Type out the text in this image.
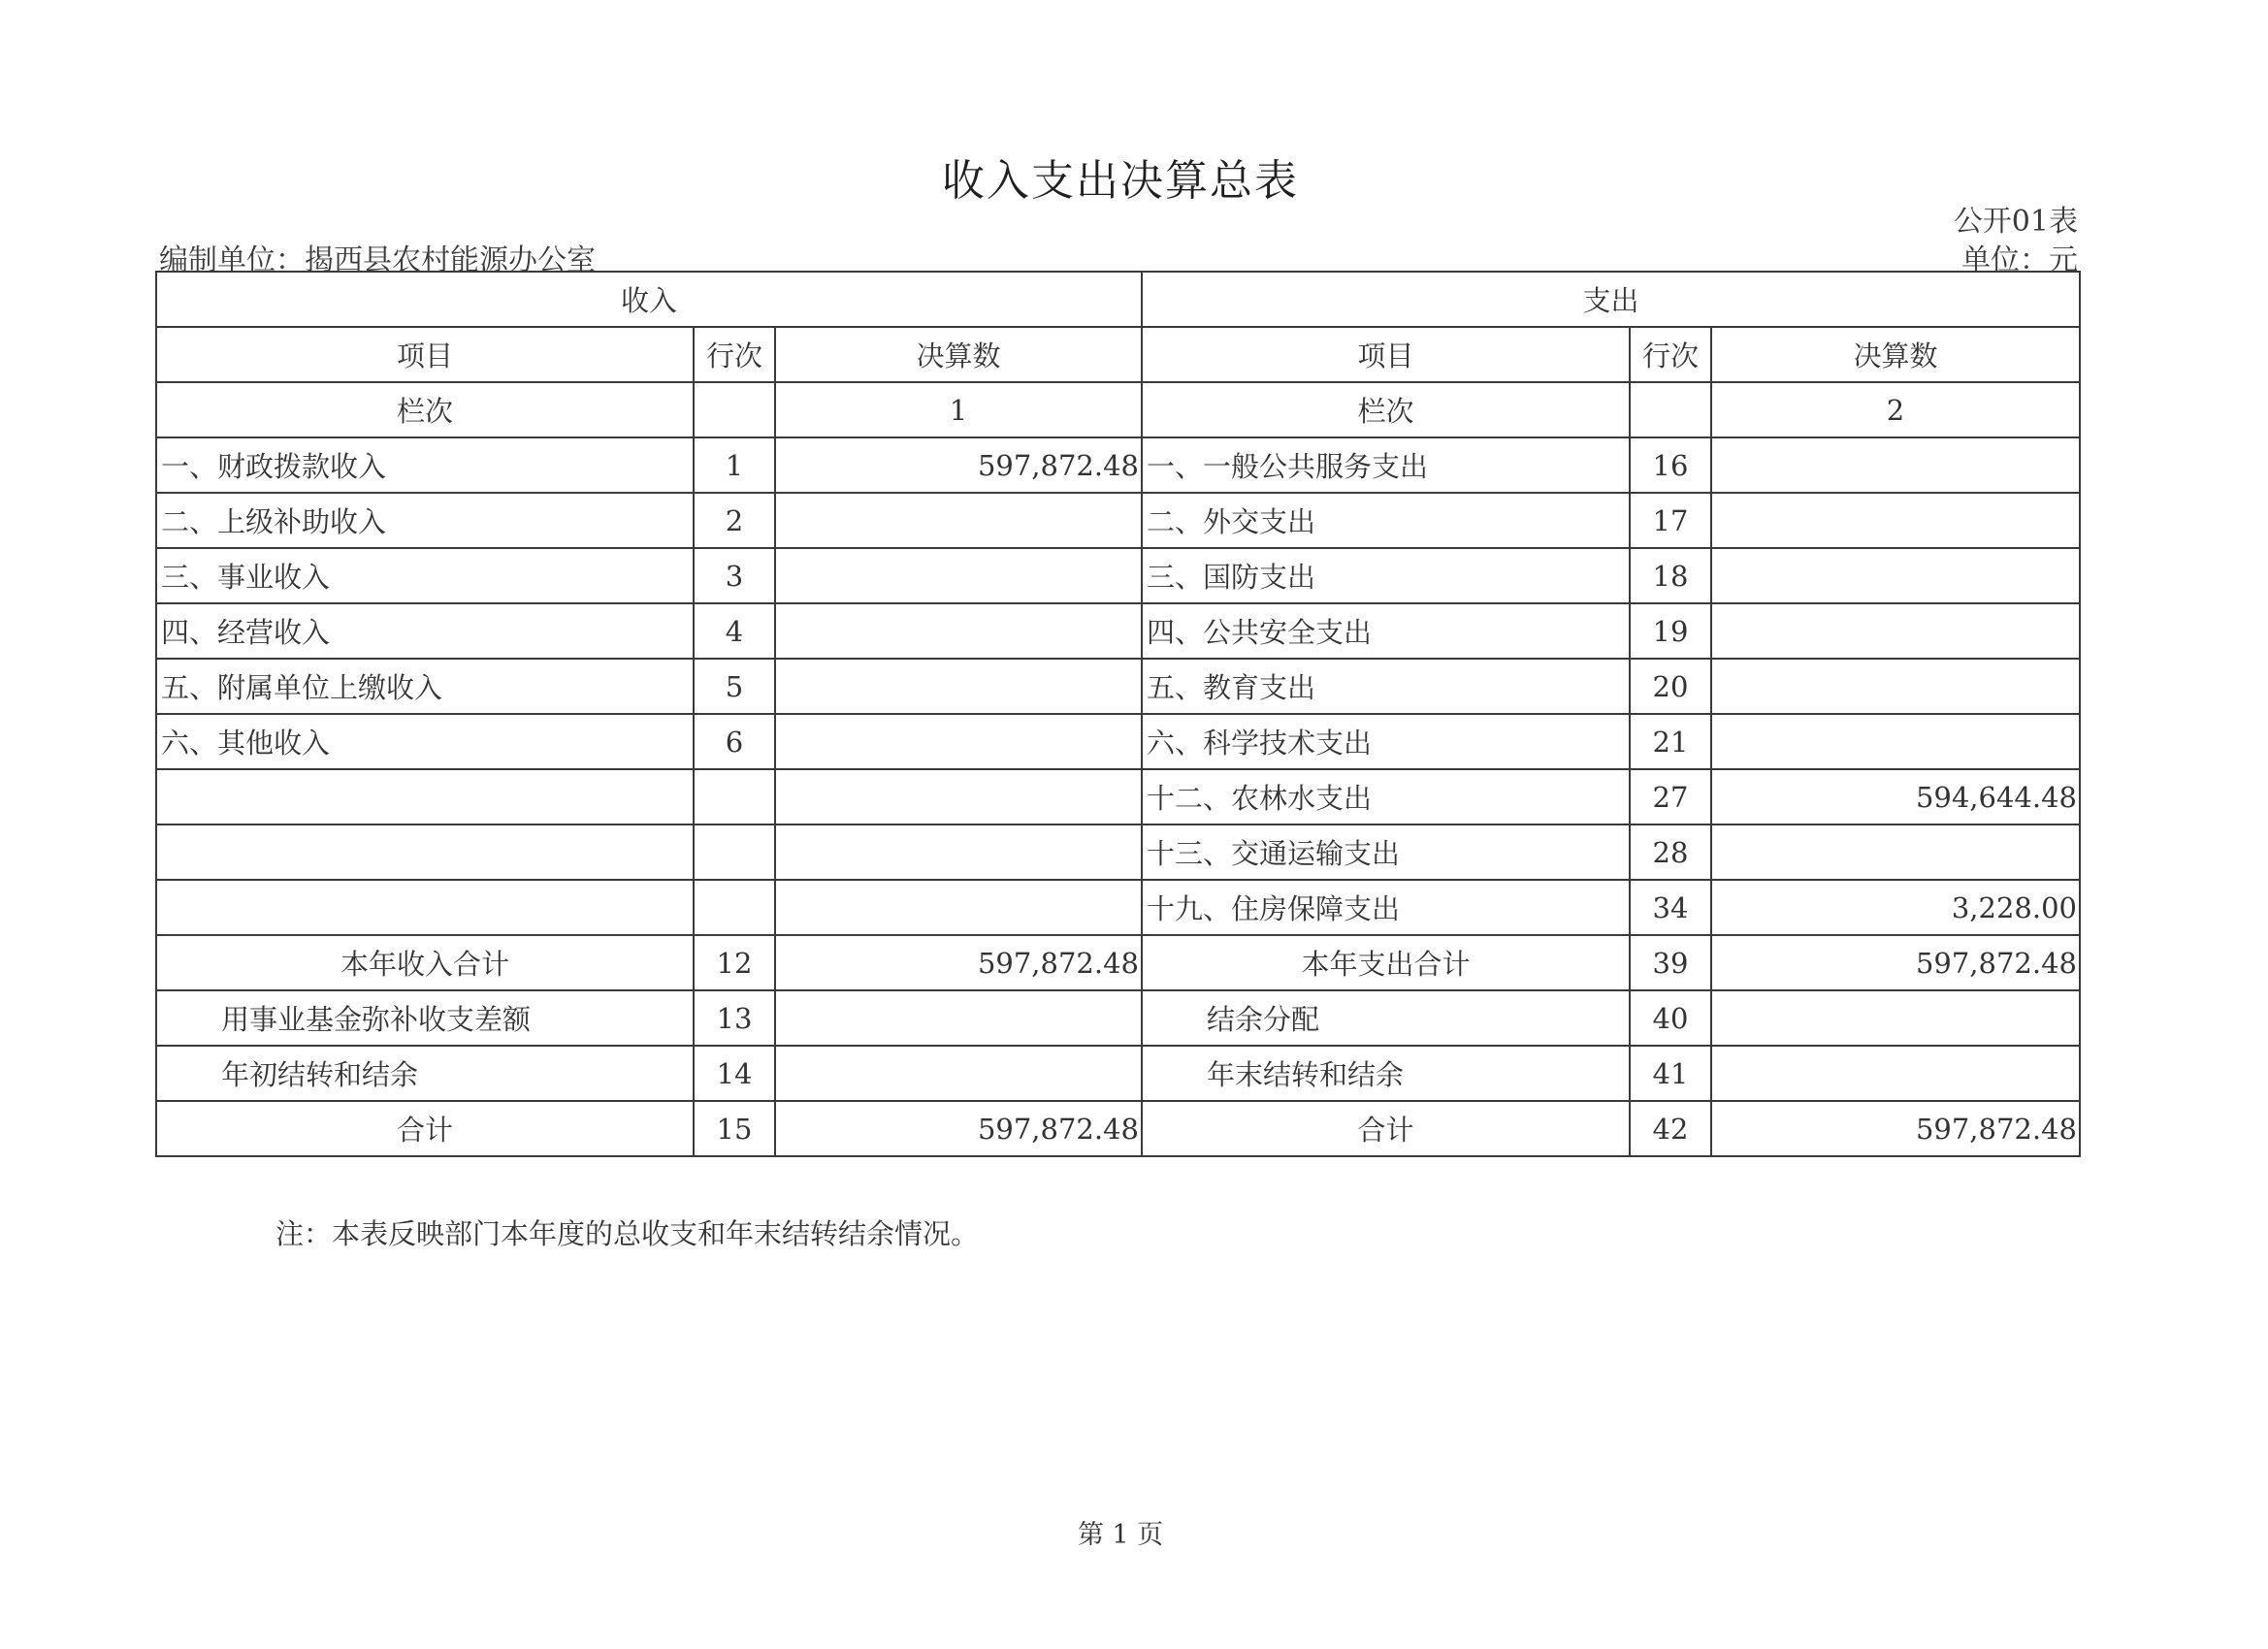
收入支出决算总表
公开01表
编制单位：揭西县农村能源办公室	单位：元
收入			支出		
项目	行次	决算数	项目	行次	决算数
栏次		1	栏次		2
一、财政拨款收入	1	597,872.48	一、一般公共服务支出	16	
二、上级补助收入	2		二、外交支出	17	
三、事业收入	3		三、国防支出	18	
四、经营收入	4		四、公共安全支出	19	
五、附属单位上缴收入	5		五、教育支出	20	
六、其他收入	6		六、科学技术支出	21	
			十二、农林水支出	27	594,644.48
			十三、交通运输支出	28	
			十九、住房保障支出	34	3,228.00
本年收入合计	12	597,872.48	本年支出合计	39	597,872.48
用事业基金弥补收支差额	13		结余分配	40	
年初结转和结余	14		年末结转和结余	41	
合计	15	597,872.48	合计	42	597,872.48
注：本表反映部门本年度的总收支和年末结转结余情况。
第 1 页
